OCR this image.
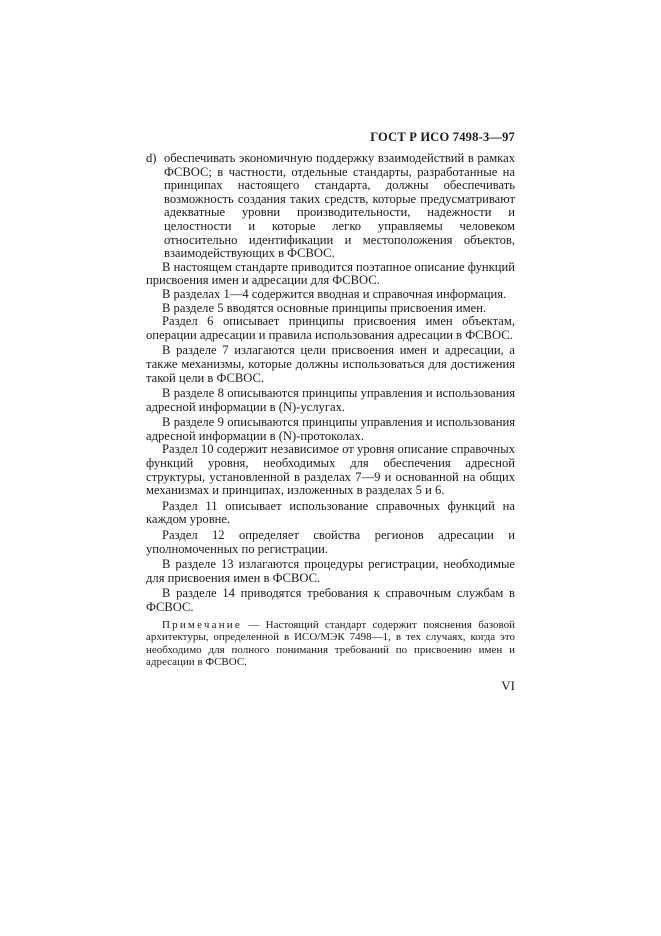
ГОСТ Р ИСО 7498-3—97
d) обеспечивать экономичную поддержку взаимодействий в рамках ФСВОС; в частности, отдельные стандарты, разработанные на принципах настоящего стандарта, должны обеспечивать возможность создания таких средств, которые предусматривают адекватные уровни производительности, надежности и целостности и которые легко управляемы человеком относительно идентификации и местоположения объектов, взаимодействующих в ФСВОС.

В настоящем стандарте приводится поэтапное описание функций присвоения имен и адресации для ФСВОС.

В разделах 1—4 содержится вводная и справочная информация.

В разделе 5 вводятся основные принципы присвоения имен.

Раздел 6 описывает принципы присвоения имен объектам, операции адресации и правила использования адресации в ФСВОС.

В разделе 7 излагаются цели присвоения имен и адресации, а также механизмы, которые должны использоваться для достижения такой цели в ФСВОС.

В разделе 8 описываются принципы управления и использования адресной информации в (N)-услугах.

В разделе 9 описываются принципы управления и использования адресной информации в (N)-протоколах.

Раздел 10 содержит независимое от уровня описание справочных функций уровня, необходимых для обеспечения адресной структуры, установленной в разделах 7—9 и основанной на общих механизмах и принципах, изложенных в разделах 5 и 6.

Раздел 11 описывает использование справочных функций на каждом уровне.

Раздел 12 определяет свойства регионов адресации и уполномоченных по регистрации.

В разделе 13 излагаются процедуры регистрации, необходимые для присвоения имен в ФСВОС.

В разделе 14 приводятся требования к справочным службам в ФСВОС.

Примечание — Настоящий стандарт содержит пояснения базовой архитектуры, определенной в ИСО/МЭК 7498—1, в тех случаях, когда это необходимо для полного понимания требований по присвоению имен и адресации в ФСВОС.
VI
